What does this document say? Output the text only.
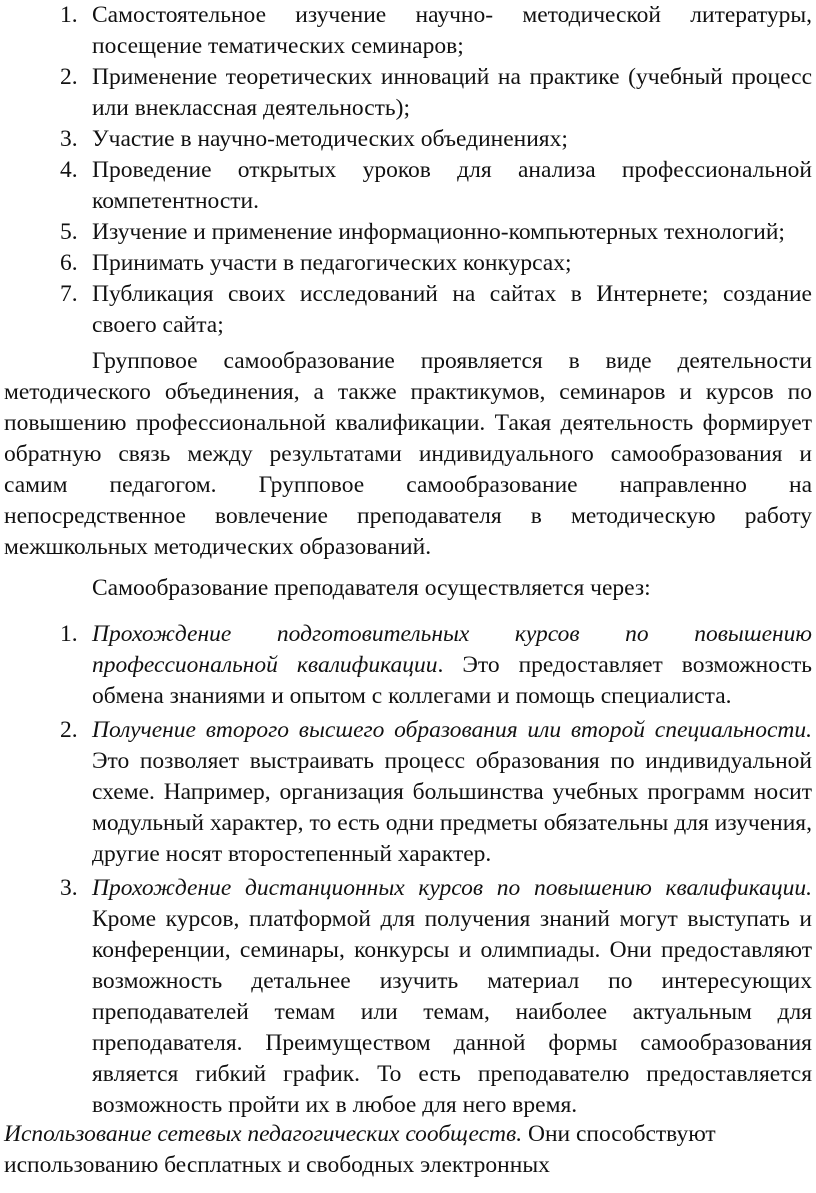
1. Самостоятельное изучение научно- методической литературы, посещение тематических семинаров;
2. Применение теоретических инноваций на практике (учебный процесс или внеклассная деятельность);
3. Участие в научно-методических объединениях;
4. Проведение открытых уроков для анализа профессиональной компетентности.
5. Изучение и применение информационно-компьютерных технологий;
6. Принимать участи в педагогических конкурсах;
7. Публикация своих исследований на сайтах в Интернете; создание своего сайта;

Групповое самообразование проявляется в виде деятельности методического объединения, а также практикумов, семинаров и курсов по повышению профессиональной квалификации. Такая деятельность формирует обратную связь между результатами индивидуального самообразования и самим педагогом. Групповое самообразование направленно на непосредственное вовлечение преподавателя в методическую работу межшкольных методических образований.

Самообразование преподавателя осуществляется через:

1. Прохождение подготовительных курсов по повышению профессиональной квалификации. Это предоставляет возможность обмена знаниями и опытом с коллегами и помощь специалиста.
2. Получение второго высшего образования или второй специальности. Это позволяет выстраивать процесс образования по индивидуальной схеме. Например, организация большинства учебных программ носит модульный характер, то есть одни предметы обязательны для изучения, другие носят второстепенный характер.
3. Прохождение дистанционных курсов по повышению квалификации. Кроме курсов, платформой для получения знаний могут выступать и конференции, семинары, конкурсы и олимпиады. Они предоставляют возможность детальнее изучить материал по интересующих преподавателей темам или темам, наиболее актуальным для преподавателя. Преимуществом данной формы самообразования является гибкий график. То есть преподавателю предоставляется возможность пройти их в любое для него время.

Использование сетевых педагогических сообществ. Они способствуют использованию бесплатных и свободных электронных
